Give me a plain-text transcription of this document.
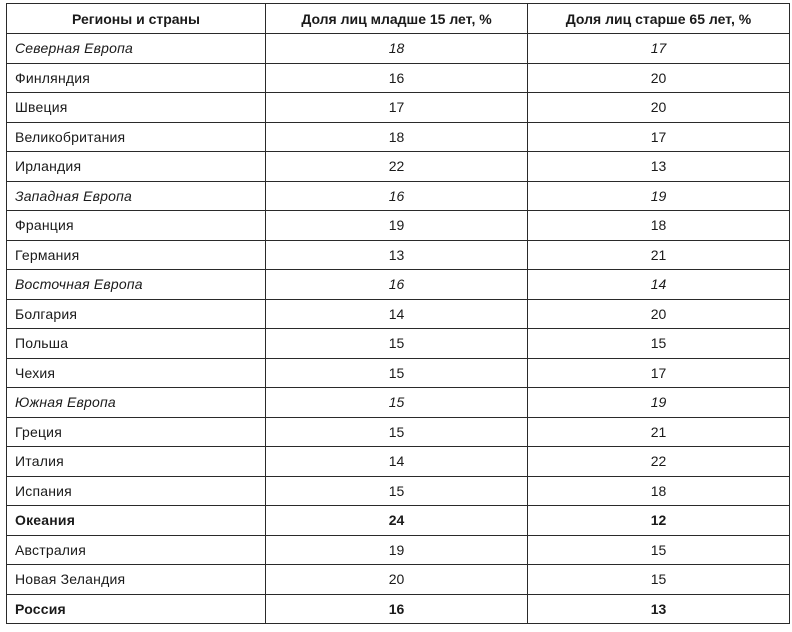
Регионы и страны	Доля лиц младше 15 лет, %	Доля лиц старше 65 лет, %
Северная Европа	18	17
Финляндия	16	20
Швеция	17	20
Великобритания	18	17
Ирландия	22	13
Западная Европа	16	19
Франция	19	18
Германия	13	21
Восточная Европа	16	14
Болгария	14	20
Польша	15	15
Чехия	15	17
Южная Европа	15	19
Греция	15	21
Италия	14	22
Испания	15	18
Океания	24	12
Австралия	19	15
Новая Зеландия	20	15
Россия	16	13
